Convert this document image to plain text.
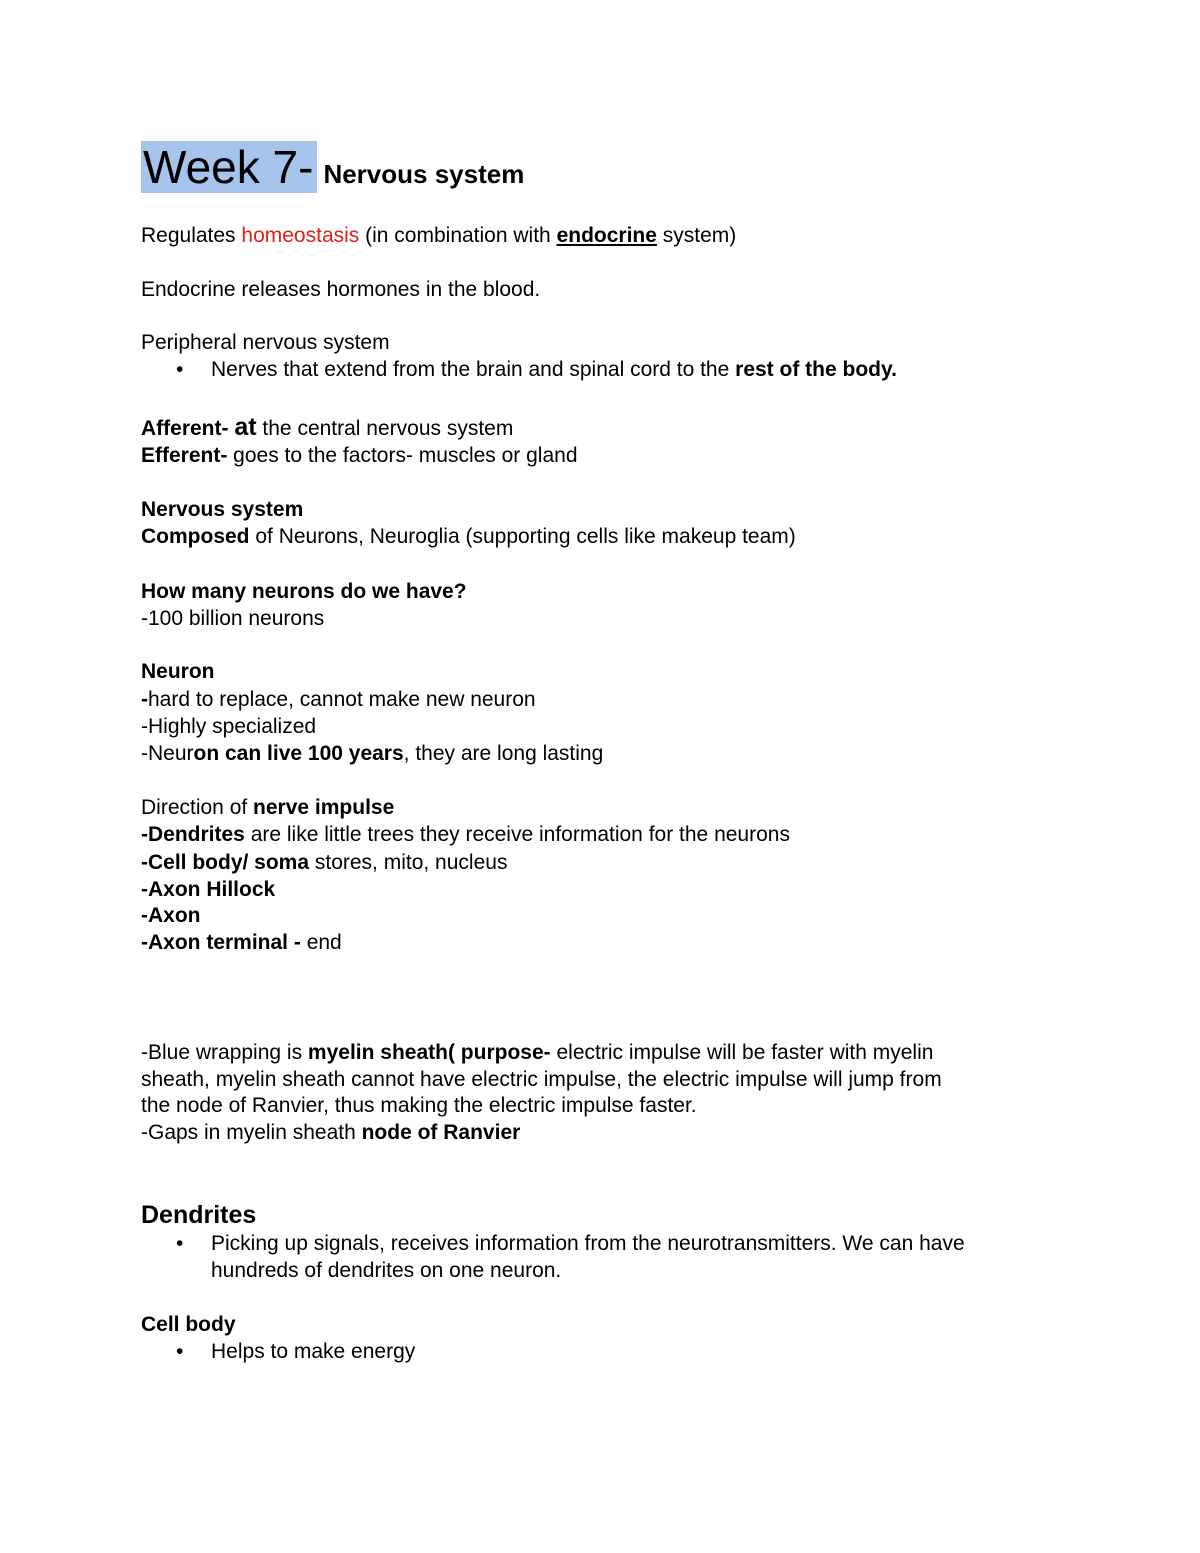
Week 7- Nervous system
Regulates homeostasis (in combination with endocrine system)
Endocrine releases hormones in the blood.
Peripheral nervous system
• Nerves that extend from the brain and spinal cord to the rest of the body.
Afferent- at the central nervous system
Efferent- goes to the factors- muscles or gland
Nervous system
Composed of Neurons, Neuroglia (supporting cells like makeup team)
How many neurons do we have?
-100 billion neurons
Neuron
-hard to replace, cannot make new neuron
-Highly specialized
-Neuron can live 100 years, they are long lasting
Direction of nerve impulse
-Dendrites are like little trees they receive information for the neurons
-Cell body/ soma stores, mito, nucleus
-Axon Hillock
-Axon
-Axon terminal - end
-Blue wrapping is myelin sheath( purpose- electric impulse will be faster with myelin
sheath, myelin sheath cannot have electric impulse, the electric impulse will jump from
the node of Ranvier, thus making the electric impulse faster.
-Gaps in myelin sheath node of Ranvier
Dendrites
• Picking up signals, receives information from the neurotransmitters. We can have
hundreds of dendrites on one neuron.
Cell body
• Helps to make energy
